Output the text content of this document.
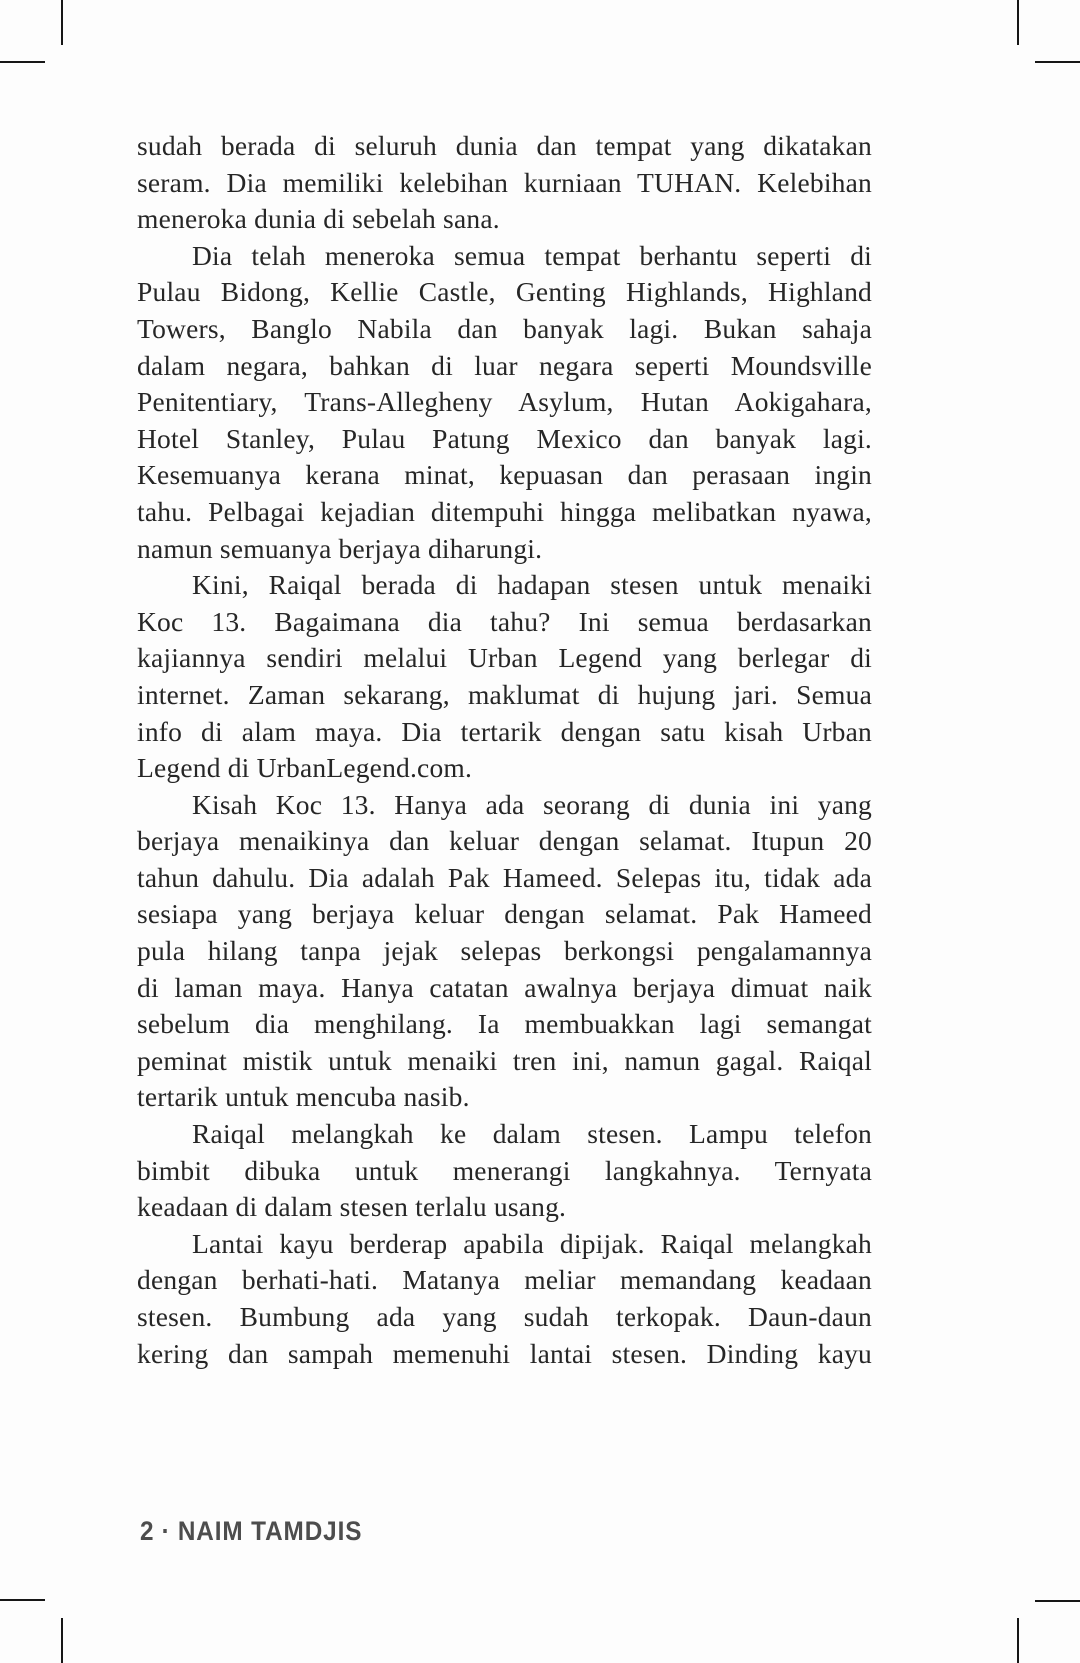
sudah berada di seluruh dunia dan tempat yang dikatakan
seram. Dia memiliki kelebihan kurniaan TUHAN. Kelebihan
meneroka dunia di sebelah sana.
Dia telah meneroka semua tempat berhantu seperti di
Pulau Bidong, Kellie Castle, Genting Highlands, Highland
Towers, Banglo Nabila dan banyak lagi. Bukan sahaja
dalam negara, bahkan di luar negara seperti Moundsville
Penitentiary, Trans-Allegheny Asylum, Hutan Aokigahara,
Hotel Stanley, Pulau Patung Mexico dan banyak lagi.
Kesemuanya kerana minat, kepuasan dan perasaan ingin
tahu. Pelbagai kejadian ditempuhi hingga melibatkan nyawa,
namun semuanya berjaya diharungi.
Kini, Raiqal berada di hadapan stesen untuk menaiki
Koc 13. Bagaimana dia tahu? Ini semua berdasarkan
kajiannya sendiri melalui Urban Legend yang berlegar di
internet. Zaman sekarang, maklumat di hujung jari. Semua
info di alam maya. Dia tertarik dengan satu kisah Urban
Legend di UrbanLegend.com.
Kisah Koc 13. Hanya ada seorang di dunia ini yang
berjaya menaikinya dan keluar dengan selamat. Itupun 20
tahun dahulu. Dia adalah Pak Hameed. Selepas itu, tidak ada
sesiapa yang berjaya keluar dengan selamat. Pak Hameed
pula hilang tanpa jejak selepas berkongsi pengalamannya
di laman maya. Hanya catatan awalnya berjaya dimuat naik
sebelum dia menghilang. Ia membuakkan lagi semangat
peminat mistik untuk menaiki tren ini, namun gagal. Raiqal
tertarik untuk mencuba nasib.
Raiqal melangkah ke dalam stesen. Lampu telefon
bimbit dibuka untuk menerangi langkahnya. Ternyata
keadaan di dalam stesen terlalu usang.
Lantai kayu berderap apabila dipijak. Raiqal melangkah
dengan berhati-hati. Matanya meliar memandang keadaan
stesen. Bumbung ada yang sudah terkopak. Daun-daun
kering dan sampah memenuhi lantai stesen. Dinding kayu
2 · NAIM TAMDJIS
